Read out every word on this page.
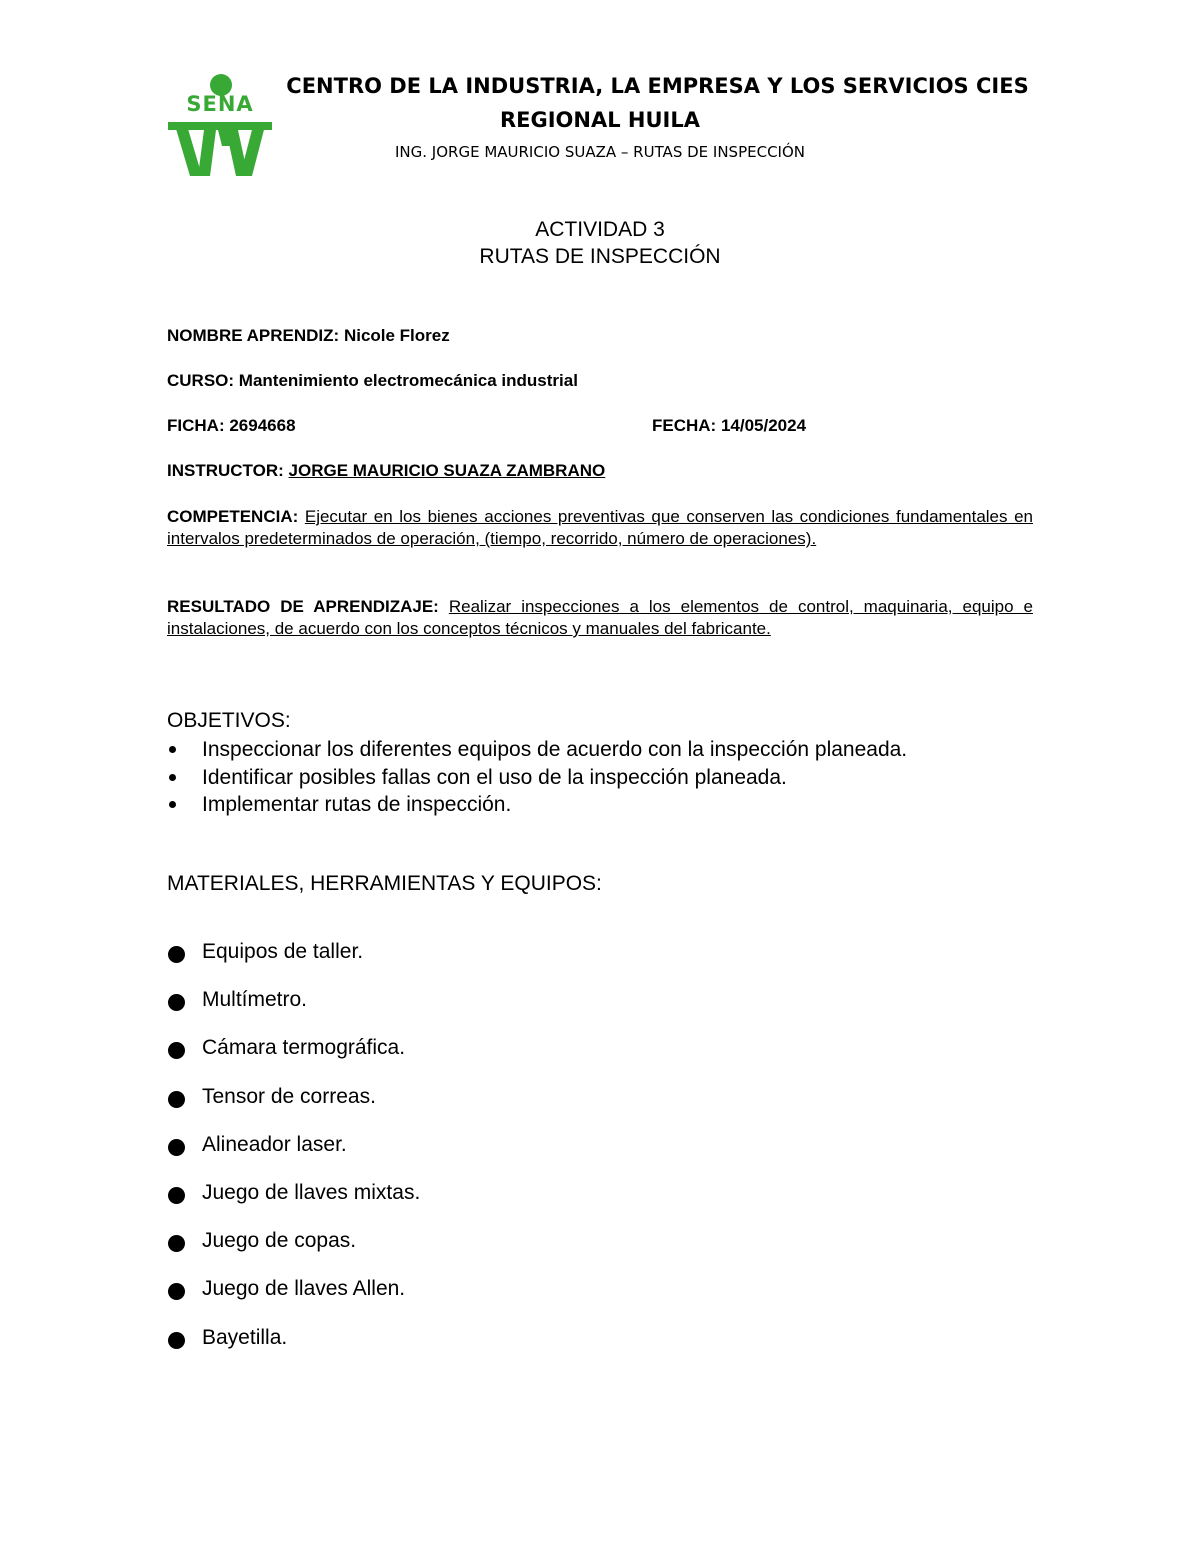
SENA
CENTRO DE LA INDUSTRIA, LA EMPRESA Y LOS SERVICIOS CIES
REGIONAL HUILA
ING. JORGE MAURICIO SUAZA – RUTAS DE INSPECCIÓN
ACTIVIDAD 3
RUTAS DE INSPECCIÓN
NOMBRE APRENDIZ: Nicole Florez
CURSO: Mantenimiento electromecánica industrial
FICHA: 2694668	FECHA: 14/05/2024
INSTRUCTOR: JORGE MAURICIO SUAZA ZAMBRANO
COMPETENCIA: Ejecutar en los bienes acciones preventivas que conserven las condiciones fundamentales en intervalos predeterminados de operación, (tiempo, recorrido, número de operaciones).
RESULTADO DE APRENDIZAJE: Realizar inspecciones a los elementos de control, maquinaria, equipo e instalaciones, de acuerdo con los conceptos técnicos y manuales del fabricante.
OBJETIVOS:
Inspeccionar los diferentes equipos de acuerdo con la inspección planeada.
Identificar posibles fallas con el uso de la inspección planeada.
Implementar rutas de inspección.
MATERIALES, HERRAMIENTAS Y EQUIPOS:
Equipos de taller.
Multímetro.
Cámara termográfica.
Tensor de correas.
Alineador laser.
Juego de llaves mixtas.
Juego de copas.
Juego de llaves Allen.
Bayetilla.
